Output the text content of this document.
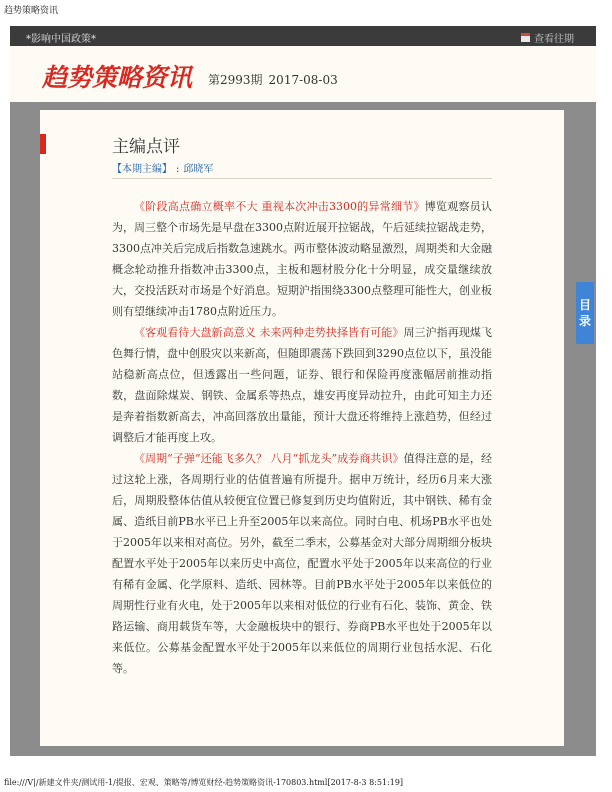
趋势策略资讯
*影响中国政策*	查看往期
趋势策略资讯 第2993期 2017-08-03
主编点评
【本期主编】 : 邱晓军

《阶段高点确立概率不大 重视本次冲击3300的异常细节》博览观察员认为，周三整个市场先是早盘在3300点附近展开拉锯战，午后延续拉锯战走势，3300点冲关后完成后指数急速跳水。两市整体波动略显激烈，周期类和大金融概念轮动推升指数冲击3300点，主板和题材股分化十分明显，成交量继续放大，交投活跃对市场是个好消息。短期沪指围绕3300点整理可能性大，创业板则有望继续冲击1780点附近压力。

《客观看待大盘新高意义 未来两种走势抉择皆有可能》周三沪指再现煤飞色舞行情，盘中创股灾以来新高，但随即震荡下跌回到3290点位以下，虽没能站稳新高点位，但透露出一些问题，证券、银行和保险再度涨幅居前推动指数，盘面除煤炭、钢铁、金属系等热点，雄安再度异动拉升，由此可知主力还是奔着指数新高去，冲高回落放出量能，预计大盘还将维持上涨趋势，但经过调整后才能再度上攻。

《周期“子弹”还能飞多久？ 八月“抓龙头”成券商共识》值得注意的是，经过这轮上涨，各周期行业的估值普遍有所提升。据申万统计，经历6月来大涨后，周期股整体估值从较便宜位置已修复到历史均值附近，其中钢铁、稀有金属、造纸目前PB水平已上升至2005年以来高位。同时白电、机场PB水平也处于2005年以来相对高位。另外，截至二季末，公募基金对大部分周期细分板块配置水平处于2005年以来历史中高位，配置水平处于2005年以来高位的行业有稀有金属、化学原料、造纸、园林等。目前PB水平处于2005年以来低位的周期性行业有火电，处于2005年以来相对低位的行业有石化、装饰、黄金、铁路运输、商用载货车等，大金融板块中的银行、券商PB水平也处于2005年以来低位。公募基金配置水平处于2005年以来低位的周期行业包括水泥、石化等。

目
录
file:///V|/新建文件夹/测试用-1/提报、宏观、策略等/博览财经-趋势策略资讯-170803.html[2017-8-3 8:51:19]
